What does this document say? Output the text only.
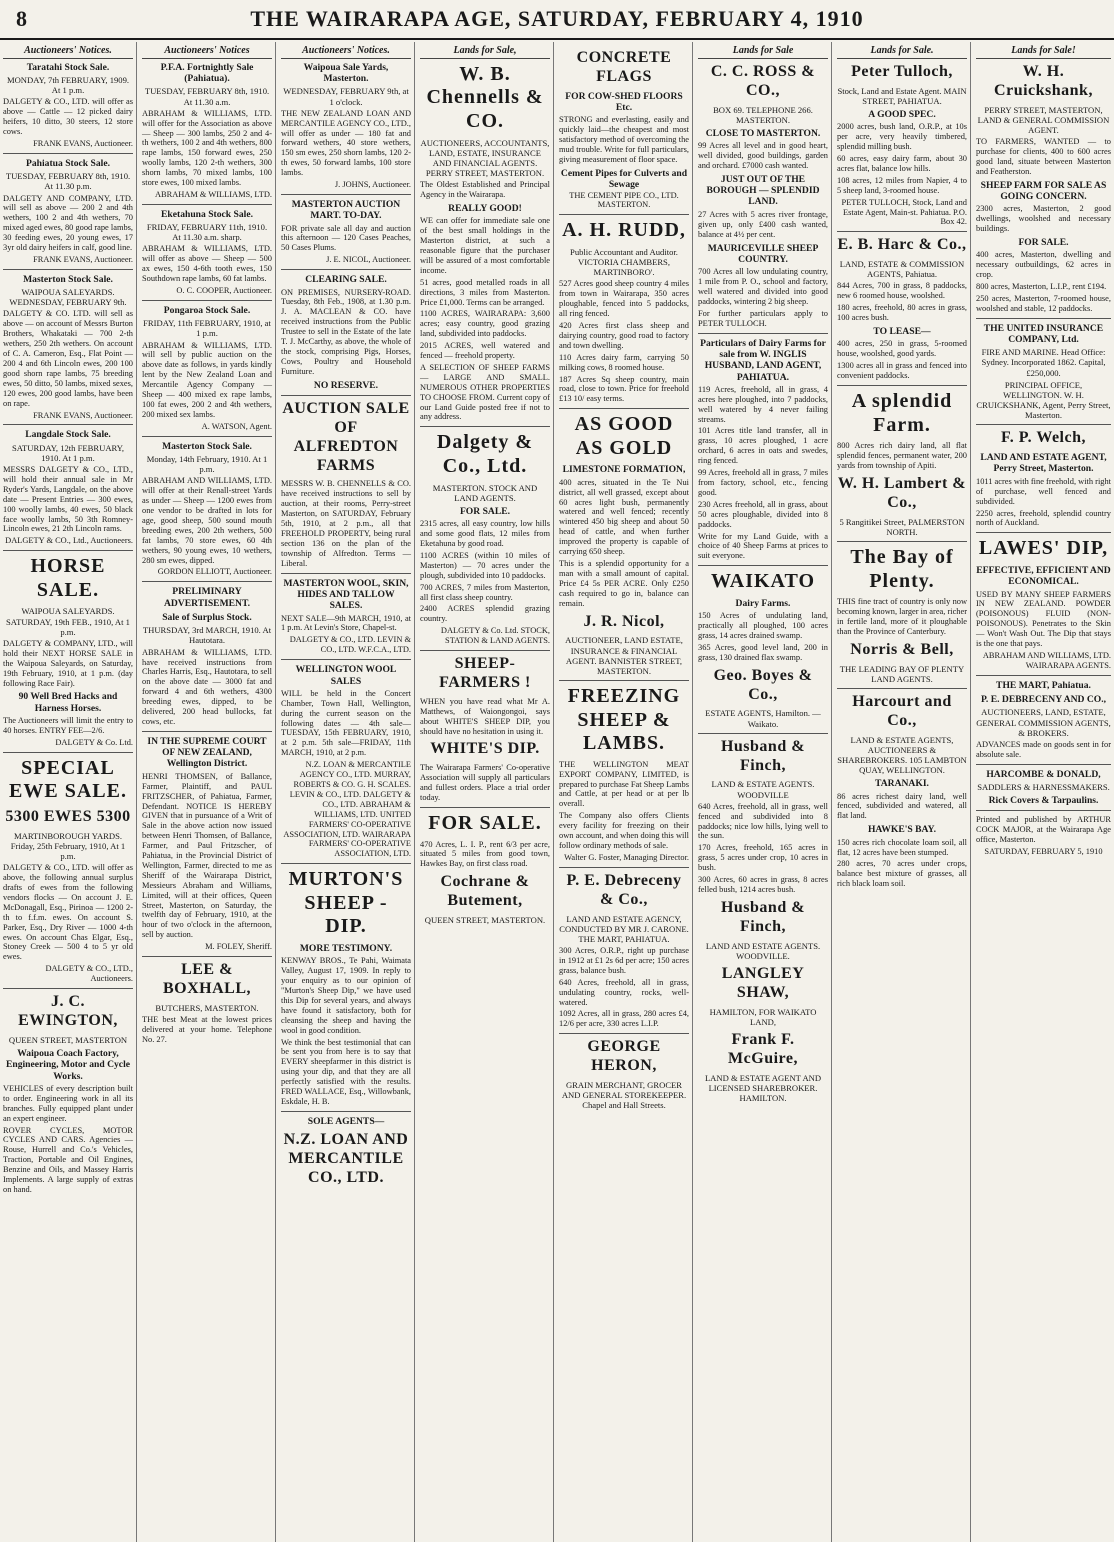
8	THE WAIRARAPA AGE, SATURDAY, FEBRUARY 4, 1910
Auctioneers' Notices.
Taratahi Stock Sale.
MONDAY, 7th FEBRUARY, 1909. At 1 p.m.
DALGETY & CO., LTD. will offer as above — Cattle — 12 picked dairy heifers, 10 ditto, 30 steers, 12 store cows.
FRANK EVANS, Auctioneer.
Pahiatua Stock Sale.
TUESDAY, FEBRUARY 8th, 1910. At 11.30 p.m.
DALGETY AND COMPANY, LTD. will sell as above — 200 2 and 4th wethers, 100 2 and 4th wethers, 70 mixed aged ewes, 80 good rape lambs, 30 feeding ewes, 20 young ewes, 17 3yr old dairy heifers in calf, good line.
FRANK EVANS, Auctioneer.
Masterton Stock Sale.
WAIPOUA SALEYARDS. WEDNESDAY, FEBRUARY 9th.
DALGETY & CO. LTD. will sell as above — on account of Messrs Burton Brothers, Whakataki — 700 2-th wethers, 250 2th wethers. On account of C. A. Cameron, Esq., Flat Point — 200 4 and 6th Lincoln ewes, 200 100 good shorn rape lambs, 75 breeding ewes, 50 ditto, 50 lambs, mixed sexes, 120 ewes, 200 good lambs, have been on rape.
FRANK EVANS, Auctioneer.
Langdale Stock Sale.
SATURDAY, 12th FEBRUARY, 1910. At 1 p.m.
MESSRS DALGETY & CO., LTD., will hold their annual sale in Mr Ryder's Yards, Langdale, on the above date — Present Entries — 300 ewes, 100 woolly lambs, 40 ewes, 50 black face woolly lambs, 50 3th Romney-Lincoln ewes, 21 2th Lincoln rams.
DALGETY & CO., Ltd., Auctioneers.
HORSE SALE.
WAIPOUA SALEYARDS. SATURDAY, 19th FEB., 1910, At 1 p.m.
DALGETY & COMPANY, LTD., will hold their NEXT HORSE SALE in the Waipoua Saleyards, on Saturday, 19th February, 1910, at 1 p.m. (day following Race Fair).
90 Well Bred Hacks and Harness Horses.
The Auctioneers will limit the entry to 40 horses. ENTRY FEE—2/6.
DALGETY & Co. Ltd.
SPECIAL EWE SALE.
5300 EWES 5300
MARTINBOROUGH YARDS. Friday, 25th February, 1910, At 1 p.m.
DALGETY & CO., LTD. will offer as above, the following annual surplus drafts of ewes from the following vendors flocks — On account J. E. McDonagall, Esq., Pirinoa — 1200 2-th to f.f.m. ewes. On account S. Parker, Esq., Dry River — 1000 4-th ewes. On account Chas Elgar, Esq., Stoney Creek — 500 4 to 5 yr old ewes.
DALGETY & CO., LTD., Auctioneers.
J. C. EWINGTON,
QUEEN STREET, MASTERTON
Waipoua Coach Factory, Engineering, Motor and Cycle Works.
VEHICLES of every description built to order. Engineering work in all its branches. Fully equipped plant under an expert engineer.
ROVER CYCLES, MOTOR CYCLES AND CARS. Agencies — Rouse, Hurrell and Co.'s Vehicles, Traction, Portable and Oil Engines, Benzine and Oils, and Massey Harris Implements. A large supply of extras on hand.
Auctioneers' Notices
P.F.A. Fortnightly Sale (Pahiatua).
TUESDAY, FEBRUARY 8th, 1910. At 11.30 a.m.
ABRAHAM & WILLIAMS, LTD. will offer for the Association as above — Sheep — 300 lambs, 250 2 and 4-th wethers, 100 2 and 4th wethers, 800 rape lambs, 150 forward ewes, 250 woolly lambs, 120 2-th wethers, 300 shorn lambs, 70 mixed lambs, 100 store ewes, 100 mixed lambs.
ABRAHAM & WILLIAMS, LTD.
Eketahuna Stock Sale.
FRIDAY, FEBRUARY 11th, 1910. At 11.30 a.m. sharp.
ABRAHAM & WILLIAMS, LTD. will offer as above — Sheep — 500 ax ewes, 150 4-6th tooth ewes, 150 Southdown rape lambs, 60 fat lambs.
O. C. COOPER, Auctioneer.
Pongaroa Stock Sale.
FRIDAY, 11th FEBRUARY, 1910, at 1 p.m.
ABRAHAM & WILLIAMS, LTD. will sell by public auction on the above date as follows, in yards kindly lent by the New Zealand Loan and Mercantile Agency Company — Sheep — 400 mixed ex rape lambs, 100 fat ewes, 200 2 and 4th wethers, 200 mixed sex lambs.
A. WATSON, Agent.
Masterton Stock Sale.
Monday, 14th February, 1910. At 1 p.m.
ABRAHAM AND WILLIAMS, LTD. will offer at their Renall-street Yards as under — Sheep — 1200 ewes from one vendor to be drafted in lots for age, good sheep, 500 sound mouth breeding ewes, 200 2th wethers, 500 fat lambs, 70 store ewes, 60 4th wethers, 90 young ewes, 10 wethers, 280 sm ewes, dipped.
GORDON ELLIOTT, Auctioneer.
PRELIMINARY ADVERTISEMENT.
Sale of Surplus Stock.
THURSDAY, 3rd MARCH, 1910. At Hautotara.
ABRAHAM & WILLIAMS, LTD. have received instructions from Charles Harris, Esq., Hautotara, to sell on the above date — 3000 fat and forward 4 and 6th wethers, 4300 breeding ewes, dipped, to be delivered, 200 head bullocks, fat cows, etc.
IN THE SUPREME COURT OF NEW ZEALAND, Wellington District.
HENRI THOMSEN, of Ballance, Farmer, Plaintiff, and PAUL FRITZSCHER, of Pahiatua, Farmer, Defendant. NOTICE IS HEREBY GIVEN that in pursuance of a Writ of Sale in the above action now issued between Henri Thomsen, of Ballance, Farmer, and Paul Fritzscher, of Pahiatua, in the Provincial District of Wellington, Farmer, directed to me as Sheriff of the Wairarapa District, Messieurs Abraham and Williams, Limited, will at their offices, Queen Street, Masterton, on Saturday, the twelfth day of February, 1910, at the hour of two o'clock in the afternoon, sell by auction.
M. FOLEY, Sheriff.
LEE & BOXHALL,
BUTCHERS, MASTERTON.
THE best Meat at the lowest prices delivered at your home. Telephone No. 27.
Auctioneers' Notices.
Waipoua Sale Yards, Masterton.
WEDNESDAY, FEBRUARY 9th, at 1 o'clock.
THE NEW ZEALAND LOAN AND MERCANTILE AGENCY CO., LTD., will offer as under — 180 fat and forward wethers, 40 store wethers, 150 sm ewes, 250 shorn lambs, 120 2-th ewes, 50 forward lambs, 100 store lambs.
J. JOHNS, Auctioneer.
MASTERTON AUCTION MART. TO-DAY.
FOR private sale all day and auction this afternoon — 120 Cases Peaches, 50 Cases Plums.
J. E. NICOL, Auctioneer.
CLEARING SALE.
ON PREMISES, NURSERY-ROAD. Tuesday, 8th Feb., 1908, at 1.30 p.m. J. A. MACLEAN & CO. have received instructions from the Public Trustee to sell in the Estate of the late T. J. McCarthy, as above, the whole of the stock, comprising Pigs, Horses, Cows, Poultry and Household Furniture.
NO RESERVE.
AUCTION SALE OF ALFREDTON FARMS
MESSRS W. B. CHENNELLS & CO. have received instructions to sell by auction, at their rooms, Perry-street Masterton, on SATURDAY, February 5th, 1910, at 2 p.m., all that FREEHOLD PROPERTY, being rural section 136 on the plan of the township of Alfredton. Terms — Liberal.
MASTERTON WOOL, SKIN, HIDES AND TALLOW SALES.
NEXT SALE—9th MARCH, 1910, at 1 p.m. At Levin's Store, Chapel-st.
DALGETY & CO., LTD. LEVIN & CO., LTD. W.F.C.A., LTD.
WELLINGTON WOOL SALES
WILL be held in the Concert Chamber, Town Hall, Wellington, during the current season on the following dates — 4th sale—TUESDAY, 15th FEBRUARY, 1910, at 2 p.m. 5th sale—FRIDAY, 11th MARCH, 1910, at 2 p.m.
N.Z. LOAN & MERCANTILE AGENCY CO., LTD. MURRAY, ROBERTS & CO. G. H. SCALES. LEVIN & CO., LTD. DALGETY & CO., LTD. ABRAHAM & WILLIAMS, LTD. UNITED FARMERS' CO-OPERATIVE ASSOCIATION, LTD. WAIRARAPA FARMERS' CO-OPERATIVE ASSOCIATION, LTD.
MURTON'S SHEEP - DIP.
MORE TESTIMONY.
KENWAY BROS., Te Pahi, Waimata Valley, August 17, 1909. In reply to your enquiry as to our opinion of "Murton's Sheep Dip," we have used this Dip for several years, and always have found it satisfactory, both for cleansing the sheep and having the wool in good condition.
We think the best testimonial that can be sent you from here is to say that EVERY sheepfarmer in this district is using your dip, and that they are all perfectly satisfied with the results. FRED WALLACE, Esq., Willowbank, Eskdale, H. B.
SOLE AGENTS—
N.Z. LOAN AND MERCANTILE CO., LTD.
Lands for Sale,
W. B. Chennells & CO.
AUCTIONEERS, ACCOUNTANTS, LAND, ESTATE, INSURANCE AND FINANCIAL AGENTS. PERRY STREET, MASTERTON.
The Oldest Established and Principal Agency in the Wairarapa.
REALLY GOOD!
WE can offer for immediate sale one of the best small holdings in the Masterton district, at such a reasonable figure that the purchaser will be assured of a most comfortable income.
51 acres, good metalled roads in all directions, 3 miles from Masterton. Price £1,000. Terms can be arranged.
1100 ACRES, WAIRARAPA: 3,600 acres; easy country, good grazing land, subdivided into paddocks.
2015 ACRES, well watered and fenced — freehold property.
A SELECTION OF SHEEP FARMS — LARGE AND SMALL. NUMEROUS OTHER PROPERTIES TO CHOOSE FROM. Current copy of our Land Guide posted free if not to any address.
Dalgety & Co., Ltd.
MASTERTON. STOCK AND LAND AGENTS.
FOR SALE.
2315 acres, all easy country, low hills and some good flats, 12 miles from Eketahuna by good road.
1100 ACRES (within 10 miles of Masterton) — 70 acres under the plough, subdivided into 10 paddocks.
700 ACRES, 7 miles from Masterton, all first class sheep country.
2400 ACRES splendid grazing country.
DALGETY & Co. Ltd. STOCK, STATION & LAND AGENTS.
SHEEP-FARMERS !
WHEN you have read what Mr A. Matthews, of Waiongongoi, says about WHITE'S SHEEP DIP, you should have no hesitation in using it.
WHITE'S DIP.
The Wairarapa Farmers' Co-operative Association will supply all particulars and fullest orders. Place a trial order today.
FOR SALE.
470 Acres, L. I. P., rent 6/3 per acre, situated 5 miles from good town, Hawkes Bay, on first class road.
Cochrane & Butement,
QUEEN STREET, MASTERTON.
CONCRETE FLAGS
FOR COW-SHED FLOORS Etc.
STRONG and everlasting, easily and quickly laid—the cheapest and most satisfactory method of overcoming the mud trouble. Write for full particulars, giving measurement of floor space.
Cement Pipes for Culverts and Sewage
THE CEMENT PIPE CO., LTD. MASTERTON.
A. H. RUDD,
Public Accountant and Auditor. VICTORIA CHAMBERS, MARTINBORO'.
527 Acres good sheep country 4 miles from town in Wairarapa, 350 acres ploughable, fenced into 5 paddocks, all ring fenced.
420 Acres first class sheep and dairying country, good road to factory and town dwelling.
110 Acres dairy farm, carrying 50 milking cows, 8 roomed house.
187 Acres Sq sheep country, main road, close to town. Price for freehold £13 10/ easy terms.
AS GOOD AS GOLD
LIMESTONE FORMATION,
400 acres, situated in the Te Nui district, all well grassed, except about 60 acres light bush, permanently watered and well fenced; recently wintered 450 big sheep and about 50 head of cattle, and when further improved the property is capable of carrying 650 sheep.
This is a splendid opportunity for a man with a small amount of capital. Price £4 5s PER ACRE. Only £250 cash required to go in, balance can remain.
J. R. Nicol,
AUCTIONEER, LAND ESTATE, INSURANCE & FINANCIAL AGENT. BANNISTER STREET, MASTERTON.
FREEZING SHEEP & LAMBS.
THE WELLINGTON MEAT EXPORT COMPANY, LIMITED, is prepared to purchase Fat Sheep Lambs and Cattle, at per head or at per lb overall.
The Company also offers Clients every facility for freezing on their own account, and when doing this will follow ordinary methods of sale.
Walter G. Foster, Managing Director.
P. E. Debreceny & Co.,
LAND AND ESTATE AGENCY, CONDUCTED BY MR J. CARONE. THE MART, PAHIATUA.
300 Acres, O.R.P., right up purchase in 1912 at £1 2s 6d per acre; 150 acres grass, balance bush.
640 Acres, freehold, all in grass, undulating country, rocks, well-watered.
1092 Acres, all in grass, 280 acres £4, 12/6 per acre, 330 acres L.I.P.
GEORGE HERON,
GRAIN MERCHANT, GROCER AND GENERAL STOREKEEPER. Chapel and Hall Streets.
Lands for Sale
C. C. ROSS & CO.,
BOX 69. TELEPHONE 266. MASTERTON.
CLOSE TO MASTERTON.
99 Acres all level and in good heart, well divided, good buildings, garden and orchard. £7000 cash wanted.
JUST OUT OF THE BOROUGH — SPLENDID LAND.
27 Acres with 5 acres river frontage, given up, only £400 cash wanted, balance at 4½ per cent.
MAURICEVILLE SHEEP COUNTRY.
700 Acres all low undulating country, 1 mile from P. O., school and factory, well watered and divided into good paddocks, wintering 2 big sheep.
For further particulars apply to PETER TULLOCH.
Particulars of Dairy Farms for sale from W. INGLIS HUSBAND, LAND AGENT, PAHIATUA.
119 Acres, freehold, all in grass, 4 acres here ploughed, into 7 paddocks, well watered by 4 never failing streams.
101 Acres title land transfer, all in grass, 10 acres ploughed, 1 acre orchard, 6 acres in oats and swedes, ring fenced.
99 Acres, freehold all in grass, 7 miles from factory, school, etc., fencing good.
230 Acres freehold, all in grass, about 50 acres ploughable, divided into 8 paddocks.
Write for my Land Guide, with a choice of 40 Sheep Farms at prices to suit everyone.
WAIKATO
Dairy Farms.
150 Acres of undulating land, practically all ploughed, 100 acres grass, 14 acres drained swamp.
365 Acres, good level land, 200 in grass, 130 drained flax swamp.
Geo. Boyes & Co.,
ESTATE AGENTS, Hamilton. — Waikato.
Husband & Finch,
LAND & ESTATE AGENTS. WOODVILLE
640 Acres, freehold, all in grass, well fenced and subdivided into 8 paddocks; nice low hills, lying well to the sun.
170 Acres, freehold, 165 acres in grass, 5 acres under crop, 10 acres in bush.
300 Acres, 60 acres in grass, 8 acres felled bush, 1214 acres bush.
Husband & Finch,
LAND AND ESTATE AGENTS. WOODVILLE.
LANGLEY SHAW,
HAMILTON, FOR WAIKATO LAND,
Frank F. McGuire,
LAND & ESTATE AGENT AND LICENSED SHAREBROKER. HAMILTON.
Lands for Sale.
Peter Tulloch,
Stock, Land and Estate Agent. MAIN STREET, PAHIATUA.
A GOOD SPEC.
2000 acres, bush land, O.R.P., at 10s per acre, very heavily timbered, splendid milling bush.
60 acres, easy dairy farm, about 30 acres flat, balance low hills.
108 acres, 12 miles from Napier, 4 to 5 sheep land, 3-roomed house.
PETER TULLOCH, Stock, Land and Estate Agent, Main-st. Pahiatua. P.O. Box 42.
E. B. Harc & Co.,
LAND, ESTATE & COMMISSION AGENTS, Pahiatua.
844 Acres, 700 in grass, 8 paddocks, new 6 roomed house, woolshed.
180 acres, freehold, 80 acres in grass, 100 acres bush.
TO LEASE—
400 acres, 250 in grass, 5-roomed house, woolshed, good yards.
1300 acres all in grass and fenced into convenient paddocks.
A splendid Farm.
800 Acres rich dairy land, all flat splendid fences, permanent water, 200 yards from township of Apiti.
W. H. Lambert & Co.,
5 Rangitikei Street, PALMERSTON NORTH.
The Bay of Plenty.
THIS fine tract of country is only now becoming known, larger in area, richer in fertile land, more of it ploughable than the Province of Canterbury.
Norris & Bell,
THE LEADING BAY OF PLENTY LAND AGENTS.
Harcourt and Co.,
LAND & ESTATE AGENTS, AUCTIONEERS & SHAREBROKERS. 105 LAMBTON QUAY, WELLINGTON.
TARANAKI.
86 acres richest dairy land, well fenced, subdivided and watered, all flat land.
HAWKE'S BAY.
150 acres rich chocolate loam soil, all flat, 12 acres have been stumped.
280 acres, 70 acres under crops, balance best mixture of grasses, all rich black loam soil.
Lands for Sale!
W. H. Cruickshank,
PERRY STREET, MASTERTON, LAND & GENERAL COMMISSION AGENT.
TO FARMERS, WANTED — to purchase for clients, 400 to 600 acres good land, situate between Masterton and Featherston.
SHEEP FARM FOR SALE AS GOING CONCERN.
2300 acres, Masterton, 2 good dwellings, woolshed and necessary buildings.
FOR SALE.
400 acres, Masterton, dwelling and necessary outbuildings, 62 acres in crop.
800 acres, Masterton, L.I.P., rent £194.
250 acres, Masterton, 7-roomed house, woolshed and stable, 12 paddocks.
THE UNITED INSURANCE COMPANY, Ltd.
FIRE AND MARINE. Head Office: Sydney. Incorporated 1862. Capital, £250,000.
PRINCIPAL OFFICE, WELLINGTON. W. H. CRUICKSHANK, Agent, Perry Street, Masterton.
F. P. Welch,
LAND AND ESTATE AGENT, Perry Street, Masterton.
1011 acres with fine freehold, with right of purchase, well fenced and subdivided.
2250 acres, freehold, splendid country north of Auckland.
LAWES' DIP,
EFFECTIVE, EFFICIENT AND ECONOMICAL.
USED BY MANY SHEEP FARMERS IN NEW ZEALAND. POWDER (POISONOUS) FLUID (NON-POISONOUS). Penetrates to the Skin — Won't Wash Out. The Dip that stays is the one that pays.
ABRAHAM AND WILLIAMS, LTD. WAIRARAPA AGENTS.
THE MART, Pahiatua.
P. E. DEBRECENY AND CO.,
AUCTIONEERS, LAND, ESTATE, GENERAL COMMISSION AGENTS, & BROKERS.
ADVANCES made on goods sent in for absolute sale.
HARCOMBE & DONALD,
SADDLERS & HARNESSMAKERS.
Rick Covers & Tarpaulins.
Printed and published by ARTHUR COCK MAJOR, at the Wairarapa Age office, Masterton.
SATURDAY, FEBRUARY 5, 1910
